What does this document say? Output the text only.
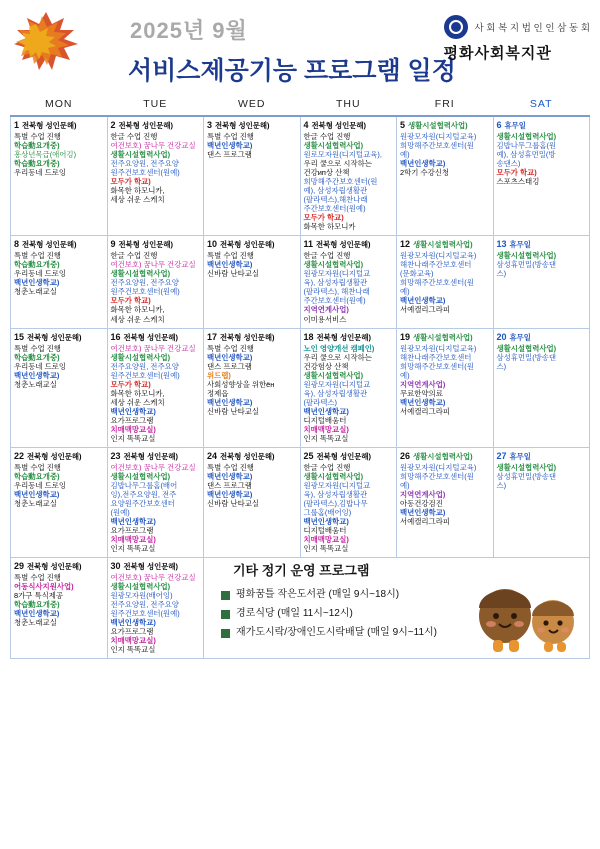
2025년 9월
서비스제공기능 프로그램 일정
사 회 복 지 법 인 인 삼 동 회
평화사회복지관
MON	TUE	WED	THU	FRI	SAT

1 전북형 성인문해)
특별 수업 진행
학습動요개중)
흥상년목급(애어깅)
학습動요개중)
우리동네 드로잉

2 전북형 성인문해)
한글 수업 진행
여건보호) 꿈나무 건강교실
생활시설협력사업)
전주요양원, 전주요양
원주건보호센터(원예)
모두가 학교)
화목한 하모니카,
세상 쉬운 스케치

3 전북형 성인문해)
특별 수업 진행
백년인생학교)
댄스 프로그램

4 전북형 성인문해)
한글 수업 진행
생활시설협력사업)
원로모자원(디지털교육),
우리 쿨으로 시작하는
건강ип상 산책
희망해주간보호센터(원
예), 삼성자립생활관
(팔라텍스),해찬나래
주간보호센터(원예)
모두가 학교)
화목한 하모니카

5 생활시설협력사업)
원광모자원(디지털교육)
희망해주간보호센터(원
예)
백년인생학교)
2학기 수강신청

6 휴무일
생활시설협력사업)
김밥나무그룹홈(원
예), 삼성휴먼밀(방
송댄스)
모두가 학교)
스포츠스태깅

8 전북형 성인문해)
특별 수업 진행
학습動요개중)
우리동네 드로잉
백년인생학교)
청춘노래교실

9 전북형 성인문해)
한글 수업 진행
여건보호) 꿈나무 건강교실
생활시설협력사업)
전주요양원, 전주요양
원주건보호센터(원예)
모두가 학교)
화목한 하모니카,
세상 쉬운 스케치

10 전북형 성인문해)
특별 수업 진행
백년인생학교)
신바람 난타교실

11 전북형 성인문해)
한글 수업 진행
생활시설협력사업)
원광모자원(디지털교
육), 삼성자립생활관
(팔라텍스), 해찬나래
주간보호센터(원예)
지역연계사업)
이미용서비스

12 생활시설협력사업)
원광모자원(디지털교육)
해찬나래주간보호센터
(문화교육)
희망해주간보호센터(원
예)
백년인생학교)
서예캘리그라피

13 휴무일
생활시설협력사업)
삼성휴먼밀(방송댄
스)

15 전북형 성인문해)
특별 수업 진행
학습動요개중)
우리동네 드로잉
백년인생학교)
청춘노래교실

16 전북형 성인문해)
여건보호) 꿈나무 건강교실
생활시설협력사업)
전주요양원, 전주요양
원주건보호센터(원예)
모두가 학교)
화목한 하모니카,
세상 쉬운 스케치
백년인생학교)
요가프로그램
치매맥망교실)
인지 똑똑교실

17 전북형 성인문해)
특별 수업 진행
백년인생학교)
댄스 프로그램
위드랩)
사회성향상을 위한ён
정제읍
백년인생학교)
신바람 난타교실

18 전북형 성인문해)
노인 영양개선 캠페인)
우리 쿨으로 시작하는
건강험상 산책
생활시설협력사업)
원광모자원(디지털교
육), 삼성자립생활관
(팔라텍스)
백년인생학교)
디지털배움터
치매맥망교실)
인지 똑똑교실

19 생활시설협력사업)
원광모자원(디지털교육)
해찬나래주간보호센터
희망해주간보호센터(원
예)
지역연계사업)
무료한약의료
백년인생학교)
서예캘리그라피

20 휴무일
생활시설협력사업)
삼성휴먼밀(방송댄
스)

22 전북형 성인문해)
특별 수업 진행
학습動요개중)
우리동네 드로잉
백년인생학교)
청춘노래교실

23 전북형 성인문해)
여건보호) 꿈나무 건강교실
생활시설협력사업)
김밥나무그룹홈(배어
잉),전주요양원, 전주
요양원주간보호센터
(원예)
백년인생학교)
요가프로그램
치매맥망교실)
인지 똑똑교실

24 전북형 성인문해)
특별 수업 진행
백년인생학교)
댄스 프로그램
백년인생학교)
신바람 난타교실

25 전북형 성인문해)
한글 수업 진행
생활시설협력사업)
원광모자원(디지털교
육), 삼성자립생활관
(팔라텍스),김밥나무
그룹홈(배어잉)
백년인생학교)
디지털배움터
치매맥망교실)
인지 똑똑교실

26 생활시설협력사업)
원광모자원(디지털교육)
희망해주간보호센터(원
예)
지역연계사업)
아동건강검진
백년인생학교)
서예캘리그라피

27 휴무일
생활시설협력사업)
삼성휴먼밀(방송댄
스)

29 전북형 성인문해)
특별 수업 진행
어동식사지원사업)
8가구 특식제공
학습動요개중)
백년인생학교)
청춘노래교실

30 전북형 성인문해)
여건보호) 꿈나무 건강교실
생활시설협력사업)
원광모자원(배어잉)
전주요양원, 전주요양
원주건보호센터(원예)
백년인생학교)
요가프로그램
치매맥망교실)
인지 똑똑교실

기타 정기 운영 프로그램
평화꿈틀 작은도서관 (매일 9시~18시)
경로식당 (매일 11시~12시)
재가도시락/장애인도시락배달 (매일 9시~11시)
